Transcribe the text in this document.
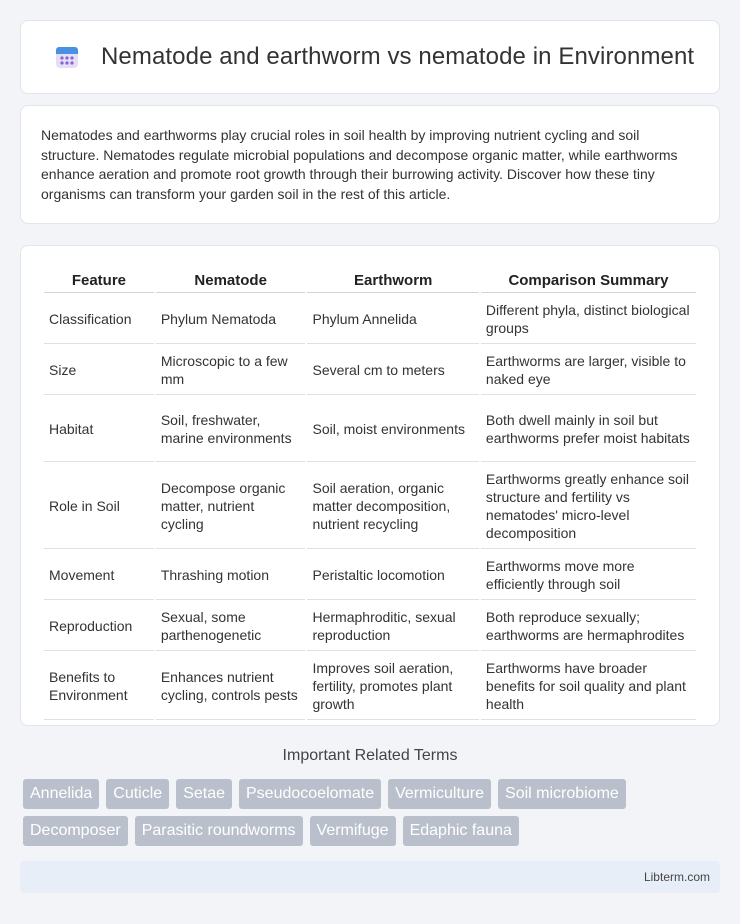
Nematode and earthworm vs nematode in Environment

Nematodes and earthworms play crucial roles in soil health by improving nutrient cycling and soil structure. Nematodes regulate microbial populations and decompose organic matter, while earthworms enhance aeration and promote root growth through their burrowing activity. Discover how these tiny organisms can transform your garden soil in the rest of this article.

Feature	Nematode	Earthworm	Comparison Summary
Classification	Phylum Nematoda	Phylum Annelida	Different phyla, distinct biological groups
Size	Microscopic to a few mm	Several cm to meters	Earthworms are larger, visible to naked eye
Habitat	Soil, freshwater, marine environments	Soil, moist environments	Both dwell mainly in soil but earthworms prefer moist habitats
Role in Soil	Decompose organic matter, nutrient cycling	Soil aeration, organic matter decomposition, nutrient recycling	Earthworms greatly enhance soil structure and fertility vs nematodes' micro-level decomposition
Movement	Thrashing motion	Peristaltic locomotion	Earthworms move more efficiently through soil
Reproduction	Sexual, some parthenogenetic	Hermaphroditic, sexual reproduction	Both reproduce sexually; earthworms are hermaphrodites
Benefits to Environment	Enhances nutrient cycling, controls pests	Improves soil aeration, fertility, promotes plant growth	Earthworms have broader benefits for soil quality and plant health
Important Related Terms
Annelida	Cuticle	Setae	Pseudocoelomate	Vermiculture	Soil microbiome
Decomposer	Parasitic roundworms	Vermifuge	Edaphic fauna
Libterm.com
